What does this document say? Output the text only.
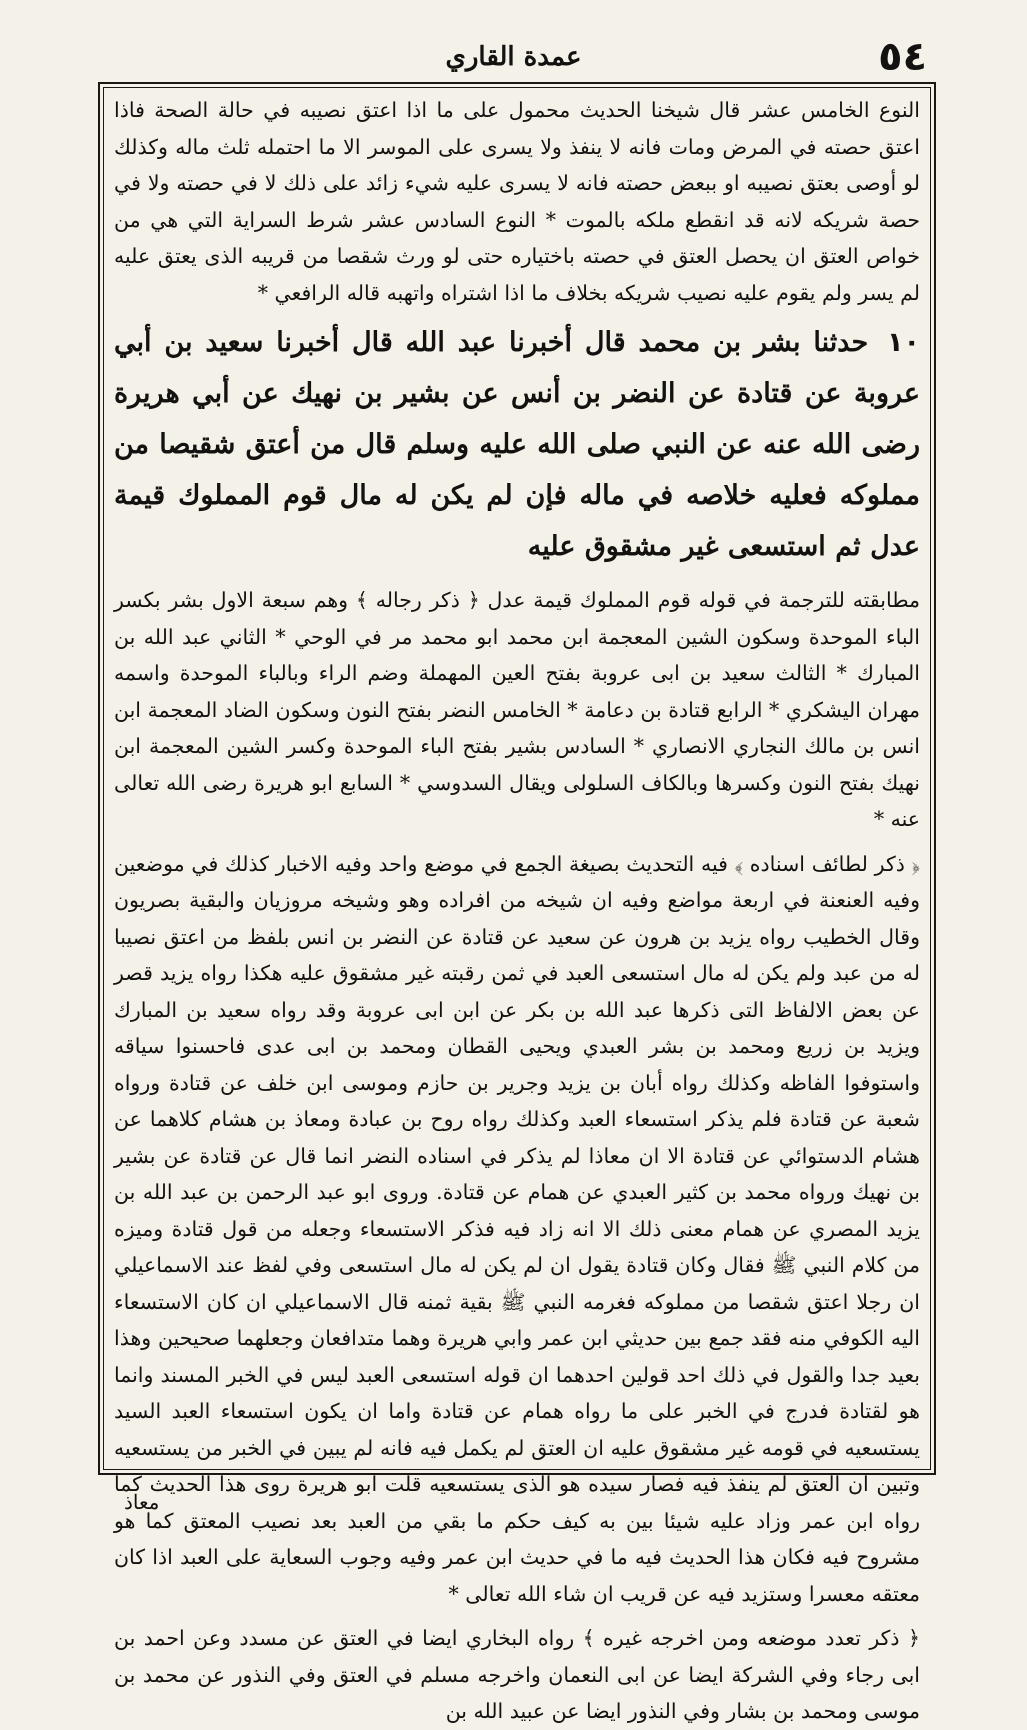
٥٤
عمدة القاري

النوع الخامس عشر قال شيخنا الحديث محمول على ما اذا اعتق نصيبه في حالة الصحة فاذا اعتق حصته في المرض ومات فانه لا ينفذ ولا يسرى على الموسر الا ما احتمله ثلث ماله وكذلك لو أوصى بعتق نصيبه او ببعض حصته فانه لا يسرى عليه شيء زائد على ذلك لا في حصته ولا في حصة شريكه لانه قد انقطع ملكه بالموت * النوع السادس عشر شرط السراية التي هي من خواص العتق ان يحصل العتق في حصته باختياره حتى لو ورث شقصا من قريبه الذى يعتق عليه لم يسر ولم يقوم عليه نصيب شريكه بخلاف ما اذا اشتراه واتهبه قاله الرافعي *

١٠ حدثنا بشر بن محمد قال أخبرنا عبد الله قال أخبرنا سعيد بن أبي عروبة عن قتادة عن النضر بن أنس عن بشير بن نهيك عن أبي هريرة رضى الله عنه عن النبي صلى الله عليه وسلم قال من أعتق شقيصا من مملوكه فعليه خلاصه في ماله فإن لم يكن له مال قوم المملوك قيمة عدل ثم استسعى غير مشقوق عليه

مطابقته للترجمة في قوله قوم المملوك قيمة عدل ﴿ ذكر رجاله ﴾ وهم سبعة الاول بشر بكسر الباء الموحدة وسكون الشين المعجمة ابن محمد ابو محمد مر في الوحي * الثاني عبد الله بن المبارك * الثالث سعيد بن ابى عروبة بفتح العين المهملة وضم الراء وبالباء الموحدة واسمه مهران اليشكري * الرابع قتادة بن دعامة * الخامس النضر بفتح النون وسكون الضاد المعجمة ابن انس بن مالك النجاري الانصاري * السادس بشير بفتح الباء الموحدة وكسر الشين المعجمة ابن نهيك بفتح النون وكسرها وبالكاف السلولى ويقال السدوسي * السابع ابو هريرة رضى الله تعالى عنه *

﴿ ذكر لطائف اسناده ﴾ فيه التحديث بصيغة الجمع في موضع واحد وفيه الاخبار كذلك في موضعين وفيه العنعنة في اربعة مواضع وفيه ان شيخه من افراده وهو وشيخه مروزيان والبقية بصريون وقال الخطيب رواه يزيد بن هرون عن سعيد عن قتادة عن النضر بن انس بلفظ من اعتق نصيبا له من عبد ولم يكن له مال استسعى العبد في ثمن رقبته غير مشقوق عليه هكذا رواه يزيد قصر عن بعض الالفاظ التى ذكرها عبد الله بن بكر عن ابن ابى عروبة وقد رواه سعيد بن المبارك ويزيد بن زريع ومحمد بن بشر العبدي ويحيى القطان ومحمد بن ابى عدى فاحسنوا سياقه واستوفوا الفاظه وكذلك رواه أبان بن يزيد وجرير بن حازم وموسى ابن خلف عن قتادة ورواه شعبة عن قتادة فلم يذكر استسعاء العبد وكذلك رواه روح بن عبادة ومعاذ بن هشام كلاهما عن هشام الدستوائي عن قتادة الا ان معاذا لم يذكر في اسناده النضر انما قال عن قتادة عن بشير بن نهيك ورواه محمد بن كثير العبدي عن همام عن قتادة. وروى ابو عبد الرحمن بن عبد الله بن يزيد المصري عن همام معنى ذلك الا انه زاد فيه فذكر الاستسعاء وجعله من قول قتادة وميزه من كلام النبي ﷺ فقال وكان قتادة يقول ان لم يكن له مال استسعى وفي لفظ عند الاسماعيلي ان رجلا اعتق شقصا من مملوكه فغرمه النبي ﷺ بقية ثمنه قال الاسماعيلي ان كان الاستسعاء اليه الكوفي منه فقد جمع بين حديثي ابن عمر وابي هريرة وهما متدافعان وجعلهما صحيحين وهذا بعيد جدا والقول في ذلك احد قولين احدهما ان قوله استسعى العبد ليس في الخبر المسند وانما هو لقتادة فدرج في الخبر على ما رواه همام عن قتادة واما ان يكون استسعاء العبد السيد يستسعيه في قومه غير مشقوق عليه ان العتق لم يكمل فيه فانه لم يبين في الخبر من يستسعيه وتبين ان العتق لم ينفذ فيه فصار سيده هو الذى يستسعيه قلت ابو هريرة روى هذا الحديث كما رواه ابن عمر وزاد عليه شيئا بين به كيف حكم ما بقي من العبد بعد نصيب المعتق كما هو مشروح فيه فكان هذا الحديث فيه ما في حديث ابن عمر وفيه وجوب السعاية على العبد اذا كان معتقه معسرا وستزيد فيه عن قريب ان شاء الله تعالى *

﴿ ذكر تعدد موضعه ومن اخرجه غيره ﴾ رواه البخاري ايضا في العتق عن مسدد وعن احمد بن ابى رجاء وفي الشركة ايضا عن ابى النعمان واخرجه مسلم في العتق وفي النذور عن محمد بن موسى ومحمد بن بشار وفي النذور ايضا عن عبيد الله بن

معاذ
